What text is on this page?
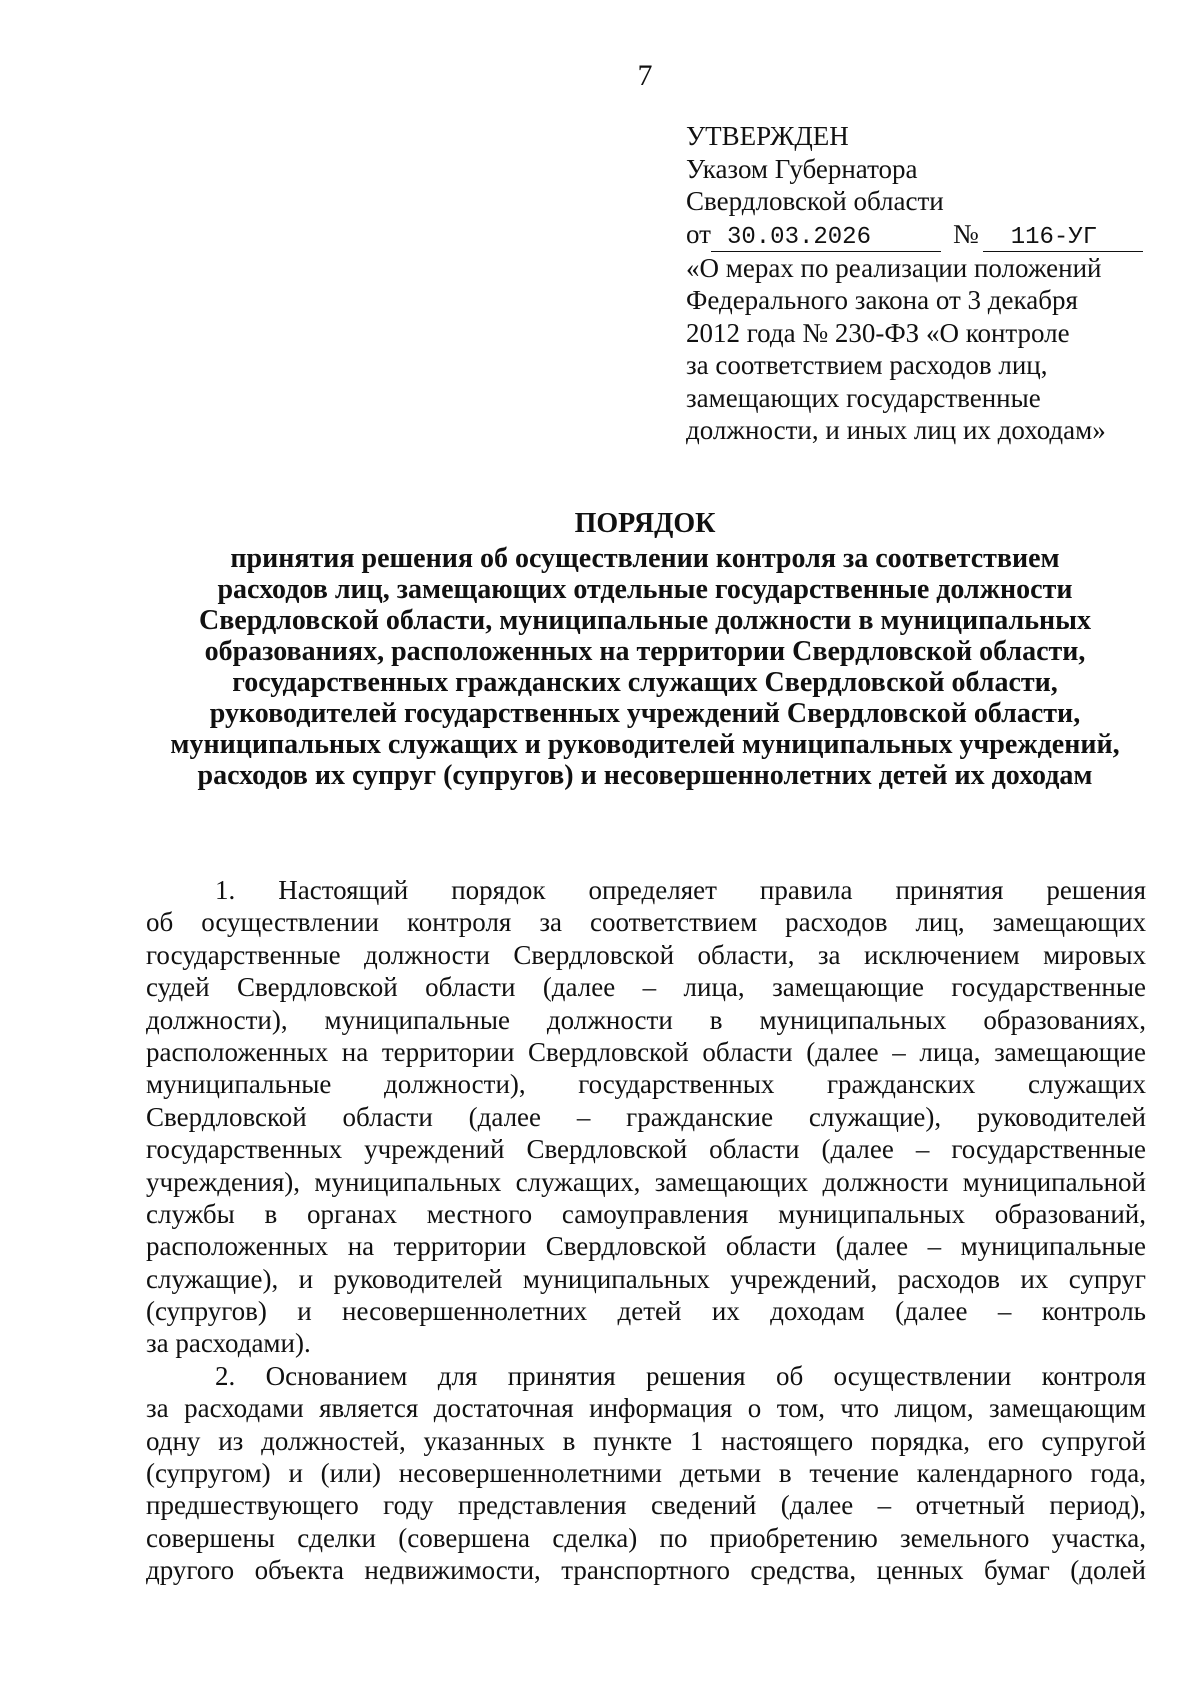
7
УТВЕРЖДЕН
Указом Губернатора
Свердловской области
от 30.03.2026	№ 116-УГ
«О мерах по реализации положений
Федерального закона от 3 декабря
2012 года № 230-ФЗ «О контроле
за соответствием расходов лиц,
замещающих государственные
должности, и иных лиц их доходам»
ПОРЯДОК
принятия решения об осуществлении контроля за соответствием
расходов лиц, замещающих отдельные государственные должности
Свердловской области, муниципальные должности в муниципальных
образованиях, расположенных на территории Свердловской области,
государственных гражданских служащих Свердловской области,
руководителей государственных учреждений Свердловской области,
муниципальных служащих и руководителей муниципальных учреждений,
расходов их супруг (супругов) и несовершеннолетних детей их доходам
1. Настоящий порядок определяет правила принятия решения
об осуществлении контроля за соответствием расходов лиц, замещающих
государственные должности Свердловской области, за исключением мировых
судей Свердловской области (далее – лица, замещающие государственные
должности), муниципальные должности в муниципальных образованиях,
расположенных на территории Свердловской области (далее – лица, замещающие
муниципальные должности), государственных гражданских служащих
Свердловской области (далее – гражданские служащие), руководителей
государственных учреждений Свердловской области (далее – государственные
учреждения), муниципальных служащих, замещающих должности муниципальной
службы в органах местного самоуправления муниципальных образований,
расположенных на территории Свердловской области (далее – муниципальные
служащие), и руководителей муниципальных учреждений, расходов их супруг
(супругов) и несовершеннолетних детей их доходам (далее – контроль
за расходами).
2. Основанием для принятия решения об осуществлении контроля
за расходами является достаточная информация о том, что лицом, замещающим
одну из должностей, указанных в пункте 1 настоящего порядка, его супругой
(супругом) и (или) несовершеннолетними детьми в течение календарного года,
предшествующего году представления сведений (далее – отчетный период),
совершены сделки (совершена сделка) по приобретению земельного участка,
другого объекта недвижимости, транспортного средства, ценных бумаг (долей
